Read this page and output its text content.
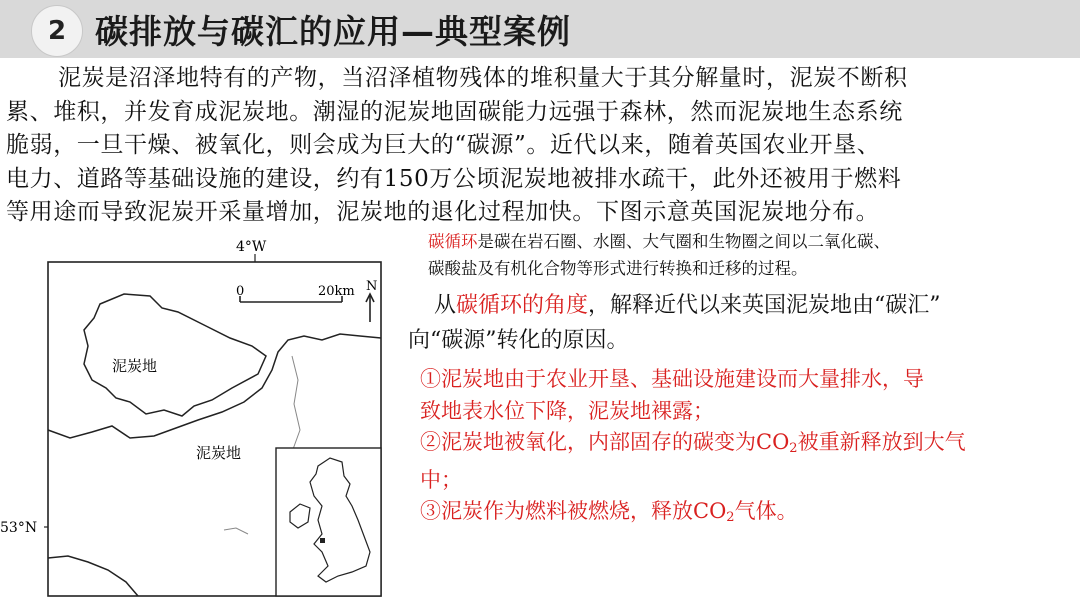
2 碳排放与碳汇的应用—典型案例
泥炭是沼泽地特有的产物，当沼泽植物残体的堆积量大于其分解量时，泥炭不断积
累、堆积，并发育成泥炭地。潮湿的泥炭地固碳能力远强于森林，然而泥炭地生态系统
脆弱，一旦干燥、被氧化，则会成为巨大的“碳源”。近代以来，随着英国农业开垦、
电力、道路等基础设施的建设，约有150万公顷泥炭地被排水疏干，此外还被用于燃料
等用途而导致泥炭开采量增加，泥炭地的退化过程加快。下图示意英国泥炭地分布。
碳循环是碳在岩石圈、水圈、大气圈和生物圈之间以二氧化碳、
碳酸盐及有机化合物等形式进行转换和迁移的过程。
从碳循环的角度，解释近代以来英国泥炭地由“碳汇”
向“碳源”转化的原因。
①泥炭地由于农业开垦、基础设施建设而大量排水，导
致地表水位下降，泥炭地裸露；
②泥炭地被氧化，内部固存的碳变为$CO_2$被重新释放到大气
中；
③泥炭作为燃料被燃烧，释放$CO_2$气体。
4°W
53°N
0	20km N
泥炭地
泥炭地
